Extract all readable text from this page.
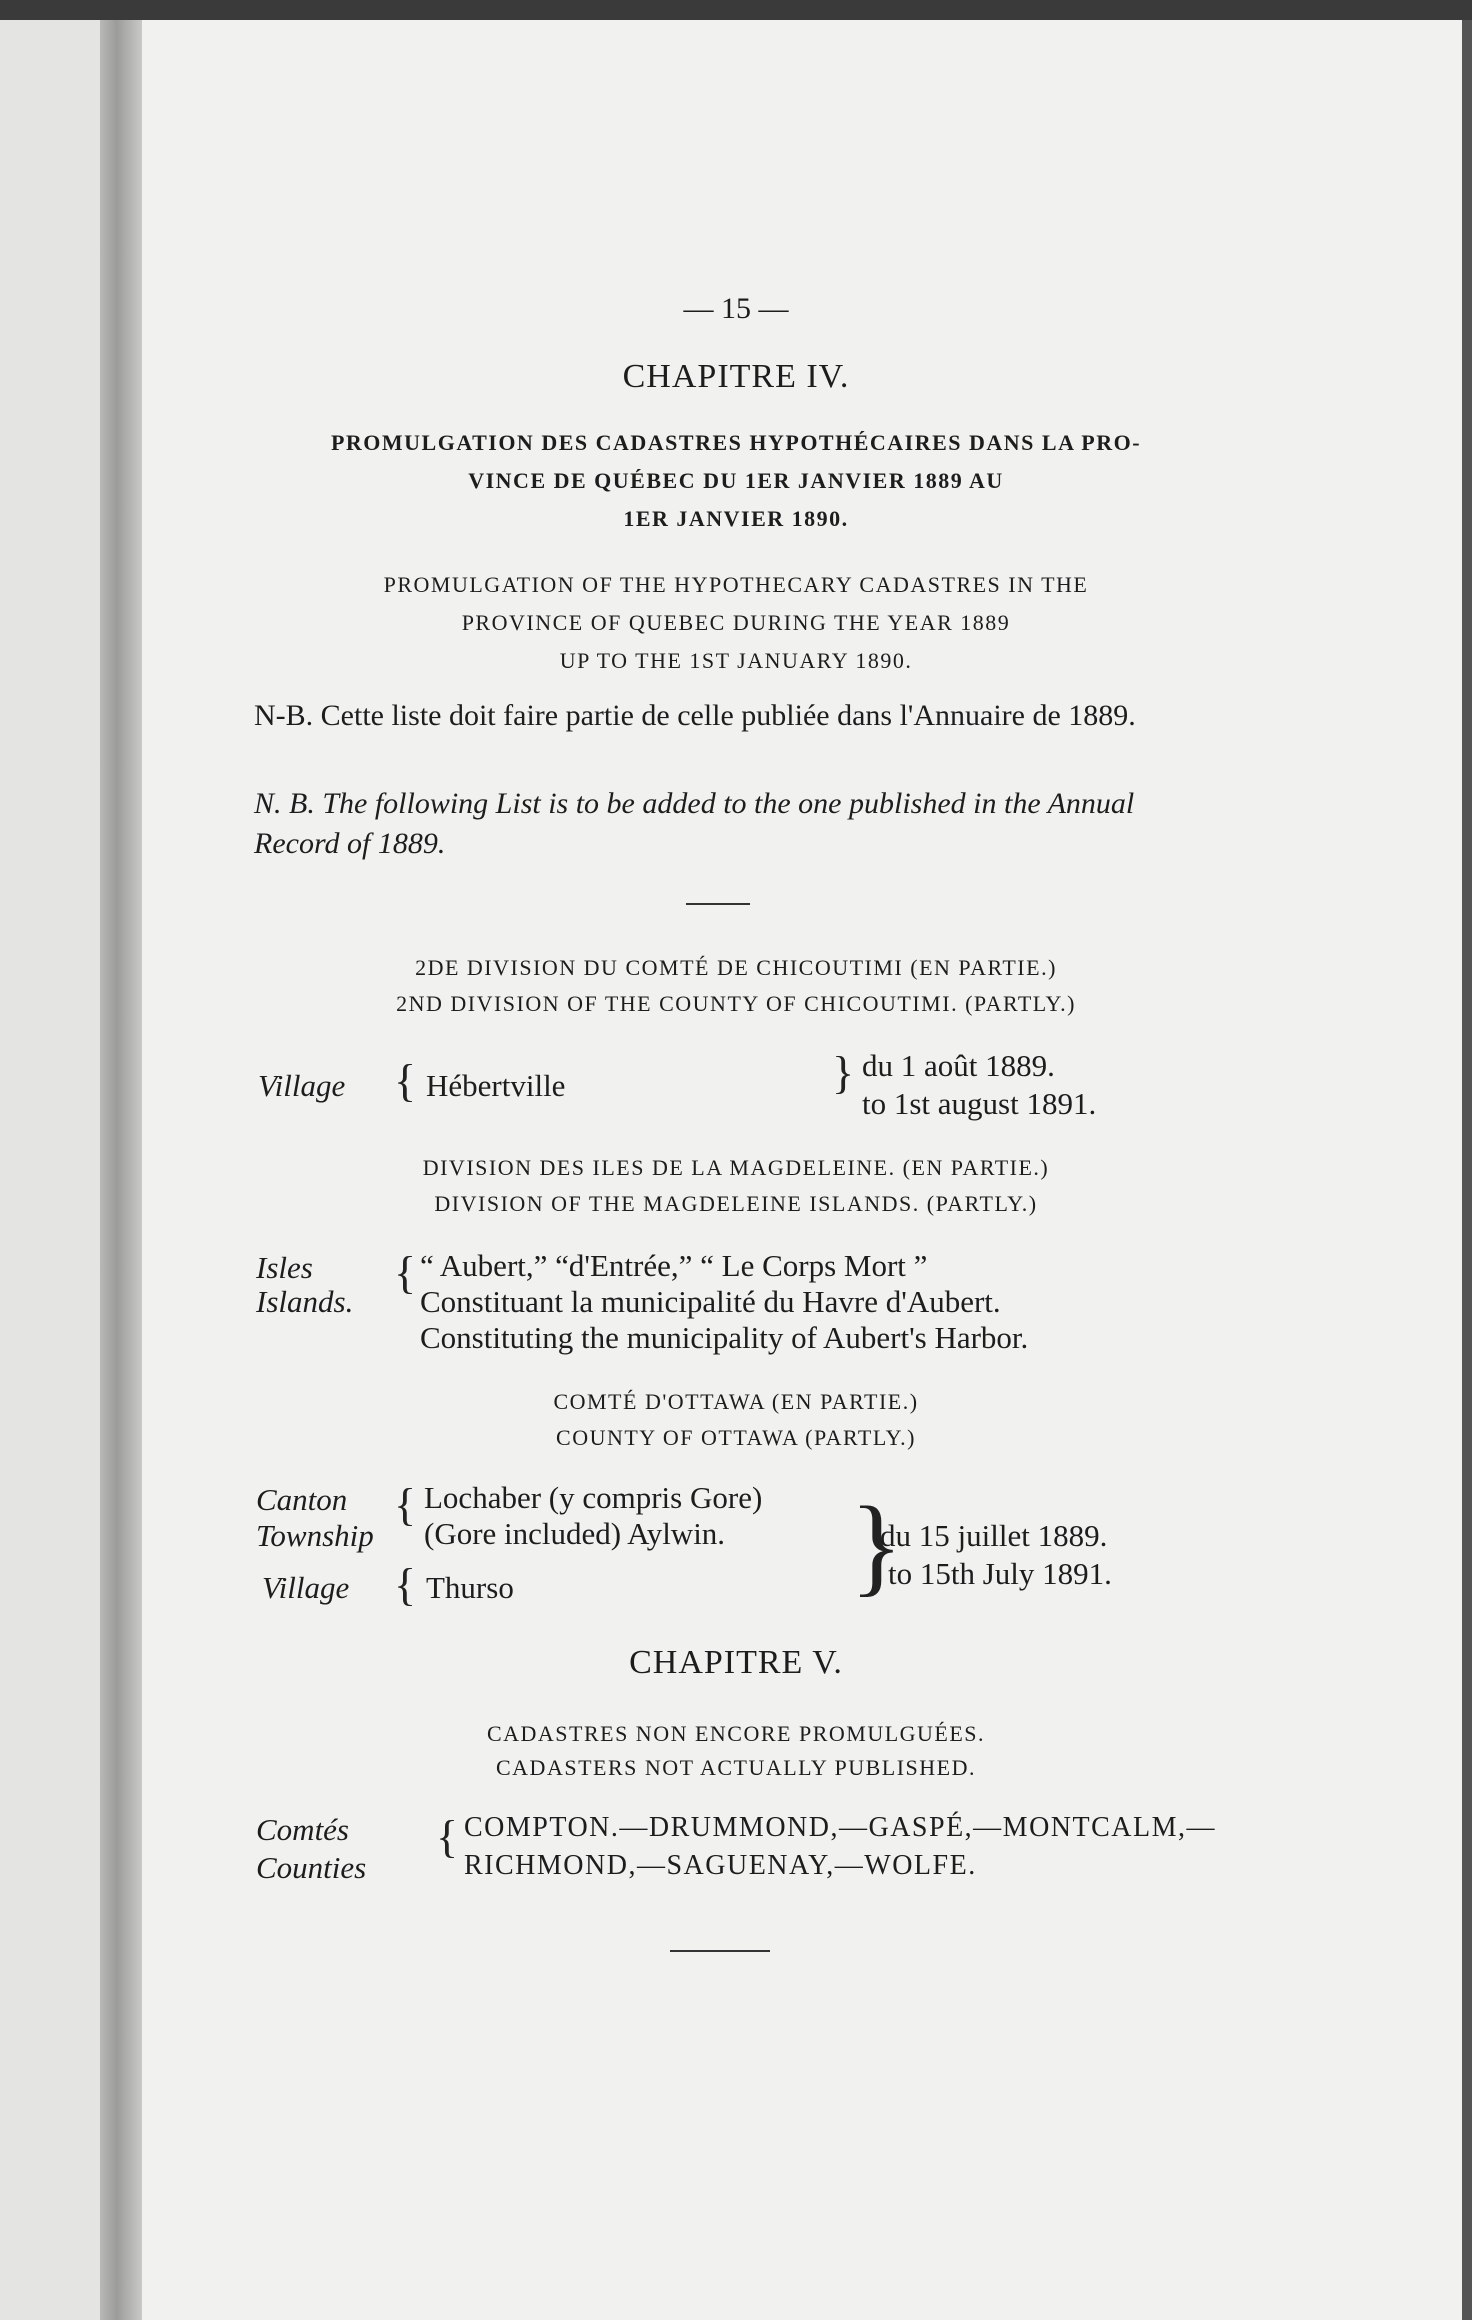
— 15 —
CHAPITRE IV.
PROMULGATION DES CADASTRES HYPOTHÉCAIRES DANS LA PRO-
VINCE DE QUÉBEC DU 1ER JANVIER 1889 AU
1ER JANVIER 1890.
PROMULGATION OF THE HYPOTHECARY CADASTRES IN THE
PROVINCE OF QUEBEC DURING THE YEAR 1889
UP TO THE 1ST JANUARY 1890.
N-B. Cette liste doit faire partie de celle publiée dans l'Annuaire de 1889.
N. B. The following List is to be added to the one published in the Annual Record of 1889.
2DE DIVISION DU COMTÉ DE CHICOUTIMI (EN PARTIE.)
2ND DIVISION OF THE COUNTY OF CHICOUTIMI. (PARTLY.)
Village { Hébertville	} du 1 août 1889.
to 1st august 1891.
DIVISION DES ILES DE LA MAGDELEINE. (EN PARTIE.)
DIVISION OF THE MAGDELEINE ISLANDS. (PARTLY.)
Isles
Islands.
{ “ Aubert,” “d'Entrée,” “ Le Corps Mort ”
Constituant la municipalité du Havre d'Aubert.
Constituting the municipality of Aubert's Harbor.
COMTÉ D'OTTAWA (EN PARTIE.)
COUNTY OF OTTAWA (PARTLY.)
Canton
Township
{ Lochaber (y compris Gore)
(Gore included) Aylwin.
Village { Thurso	}
du 15 juillet 1889.
to 15th July 1891.
CHAPITRE V.
CADASTRES NON ENCORE PROMULGUÉES.
CADASTERS NOT ACTUALLY PUBLISHED.
Comtés
Counties
{ COMPTON.—DRUMMOND,—GASPÉ,—MONTCALM,—
RICHMOND,—SAGUENAY,—WOLFE.
